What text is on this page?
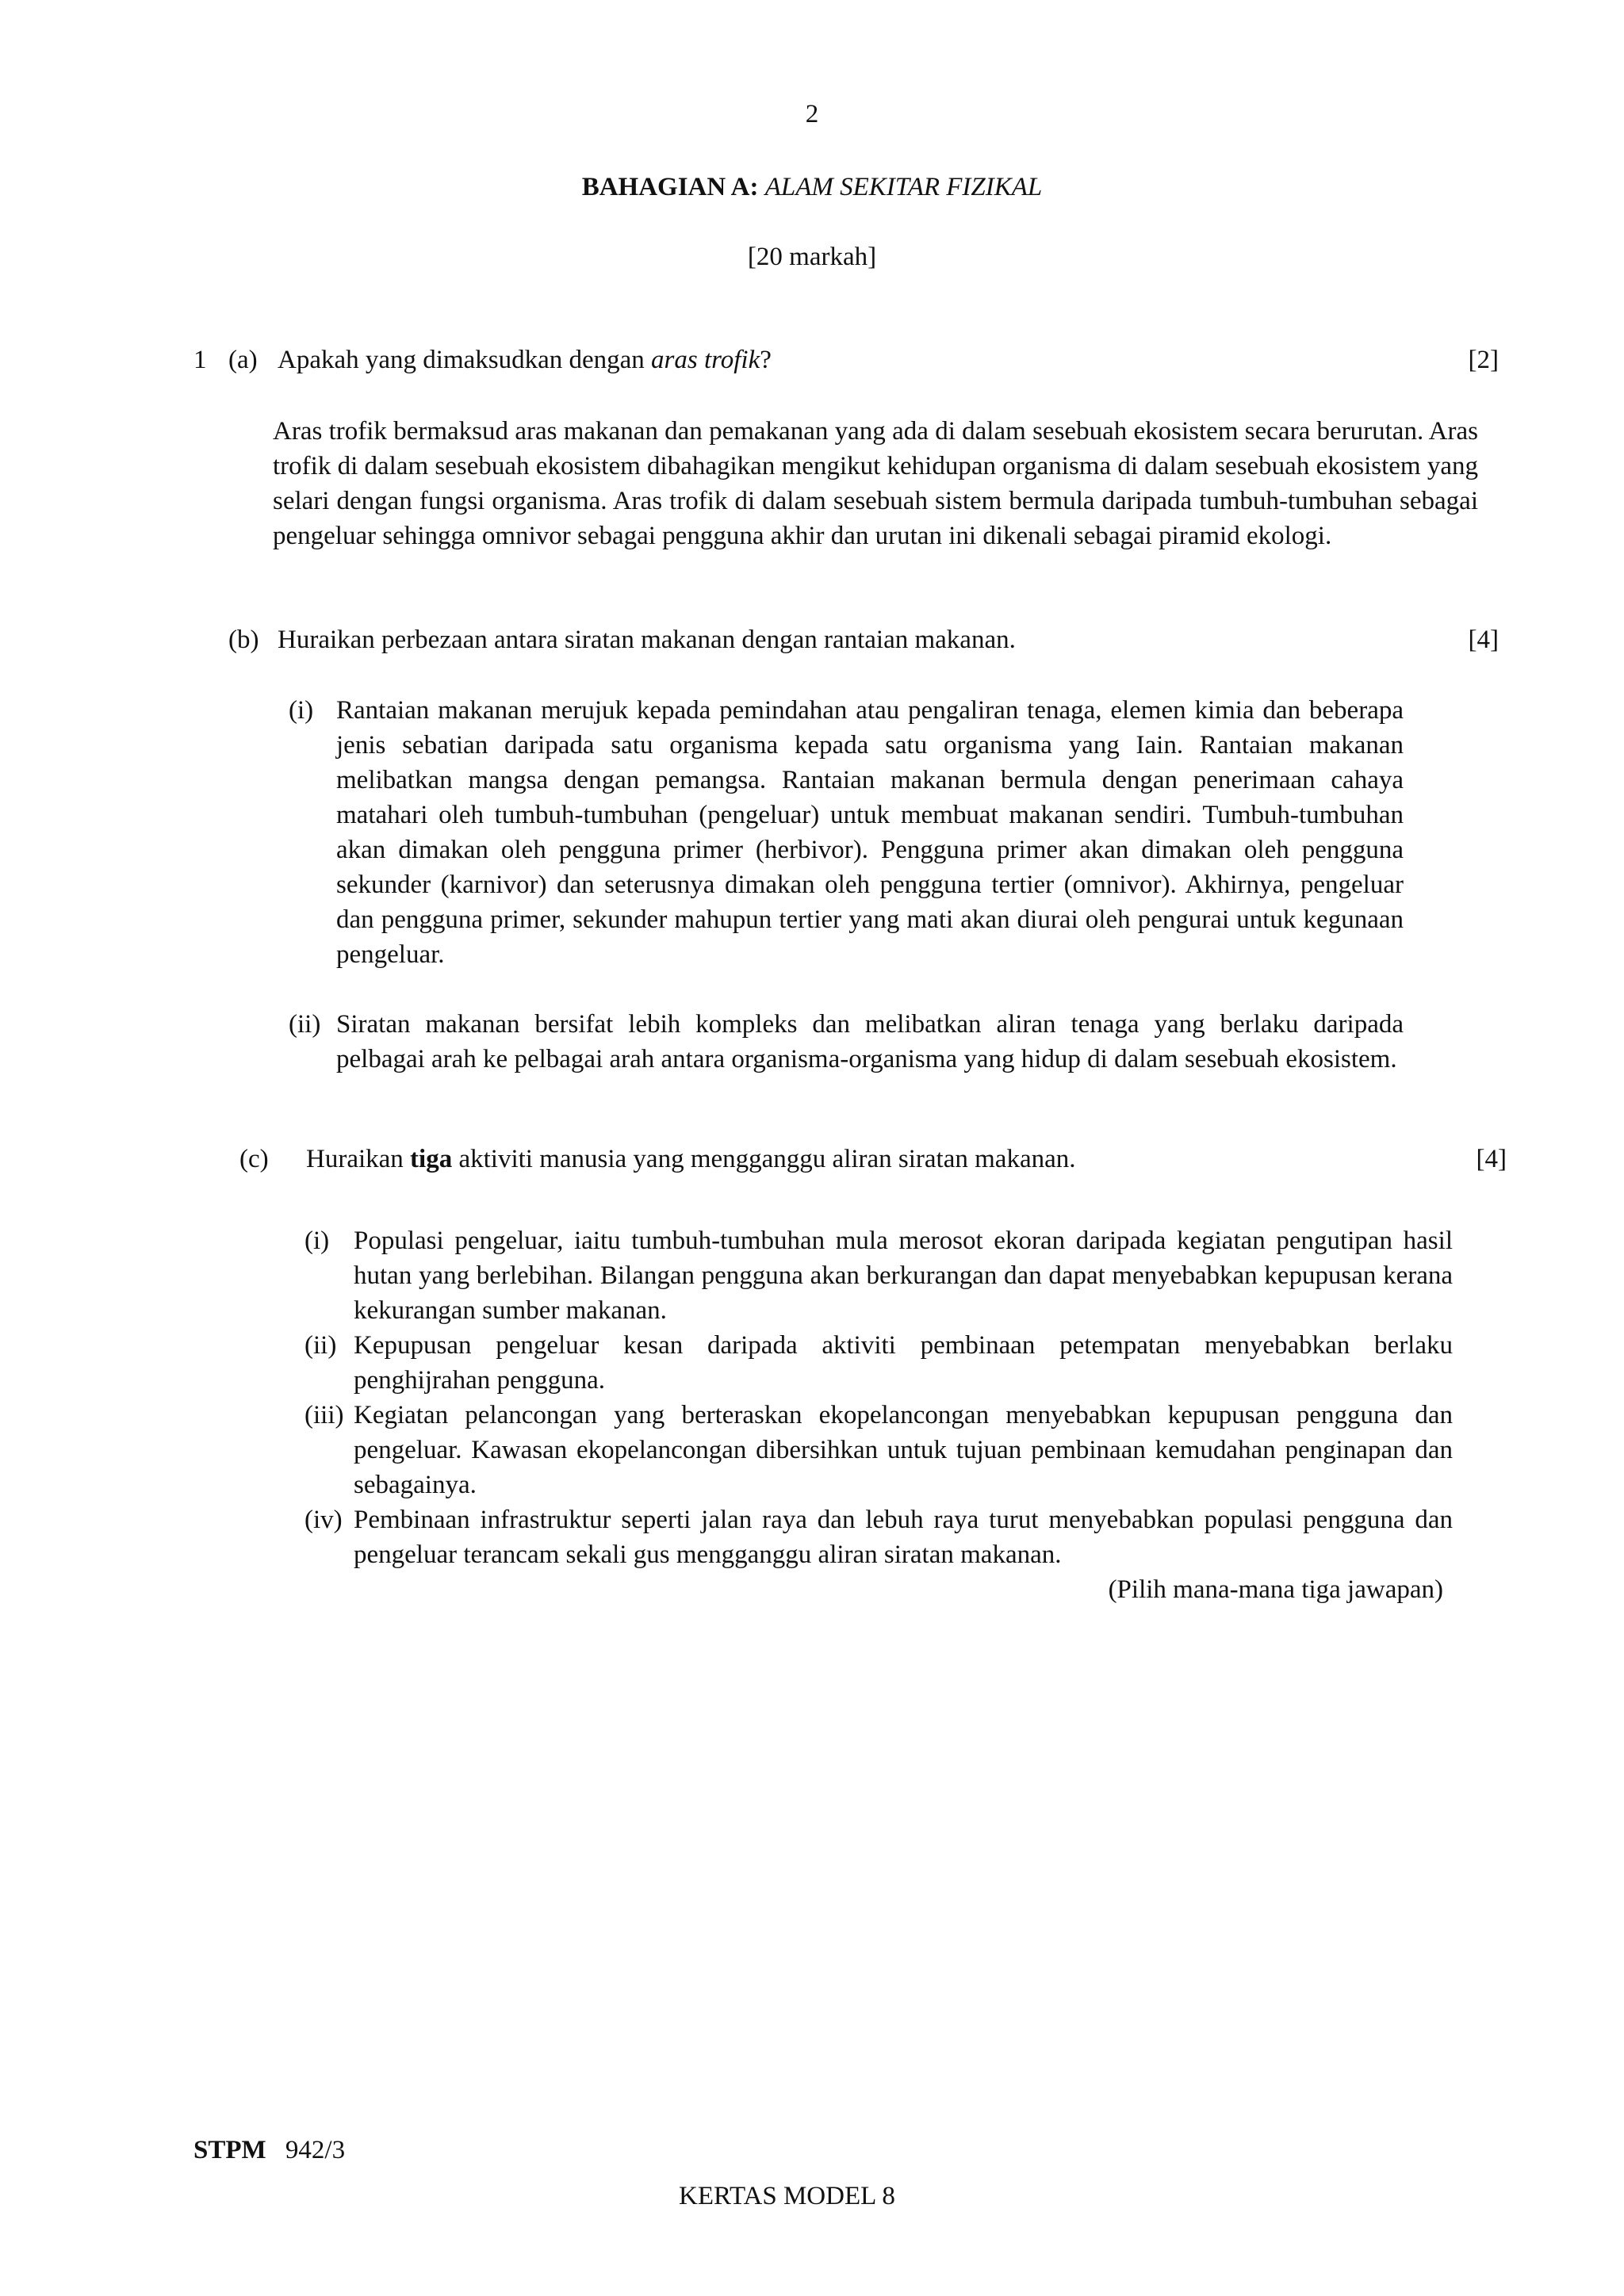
2
BAHAGIAN A: ALAM SEKITAR FIZIKAL
[20 markah]
1 (a) Apakah yang dimaksudkan dengan aras trofik?	[2]
Aras trofik bermaksud aras makanan dan pemakanan yang ada di dalam sesebuah ekosistem secara berurutan. Aras trofik di dalam sesebuah ekosistem dibahagikan mengikut kehidupan organisma di dalam sesebuah ekosistem yang selari dengan fungsi organisma. Aras trofik di dalam sesebuah sistem bermula daripada tumbuh-tumbuhan sebagai pengeluar sehingga omnivor sebagai pengguna akhir dan urutan ini dikenali sebagai piramid ekologi.
(b) Huraikan perbezaan antara siratan makanan dengan rantaian makanan.	[4]
(i) Rantaian makanan merujuk kepada pemindahan atau pengaliran tenaga, elemen kimia dan beberapa jenis sebatian daripada satu organisma kepada satu organisma yang Iain. Rantaian makanan melibatkan mangsa dengan pemangsa. Rantaian makanan bermula dengan penerimaan cahaya matahari oleh tumbuh-tumbuhan (pengeluar) untuk membuat makanan sendiri. Tumbuh-tumbuhan akan dimakan oleh pengguna primer (herbivor). Pengguna primer akan dimakan oleh pengguna sekunder (karnivor) dan seterusnya dimakan oleh pengguna tertier (omnivor). Akhirnya, pengeluar dan pengguna primer, sekunder mahupun tertier yang mati akan diurai oleh pengurai untuk kegunaan pengeluar.
(ii) Siratan makanan bersifat lebih kompleks dan melibatkan aliran tenaga yang berlaku daripada pelbagai arah ke pelbagai arah antara organisma-organisma yang hidup di dalam sesebuah ekosistem.
(c) Huraikan tiga aktiviti manusia yang mengganggu aliran siratan makanan.	[4]
(i) Populasi pengeluar, iaitu tumbuh-tumbuhan mula merosot ekoran daripada kegiatan pengutipan hasil hutan yang berlebihan. Bilangan pengguna akan berkurangan dan dapat menyebabkan kepupusan kerana kekurangan sumber makanan.
(ii) Kepupusan pengeluar kesan daripada aktiviti pembinaan petempatan menyebabkan berlaku penghijrahan pengguna.
(iii) Kegiatan pelancongan yang berteraskan ekopelancongan menyebabkan kepupusan pengguna dan pengeluar. Kawasan ekopelancongan dibersihkan untuk tujuan pembinaan kemudahan penginapan dan sebagainya.
(iv) Pembinaan infrastruktur seperti jalan raya dan lebuh raya turut menyebabkan populasi pengguna dan pengeluar terancam sekali gus mengganggu aliran siratan makanan.
(Pilih mana-mana tiga jawapan)
STPM 942/3
KERTAS MODEL 8
